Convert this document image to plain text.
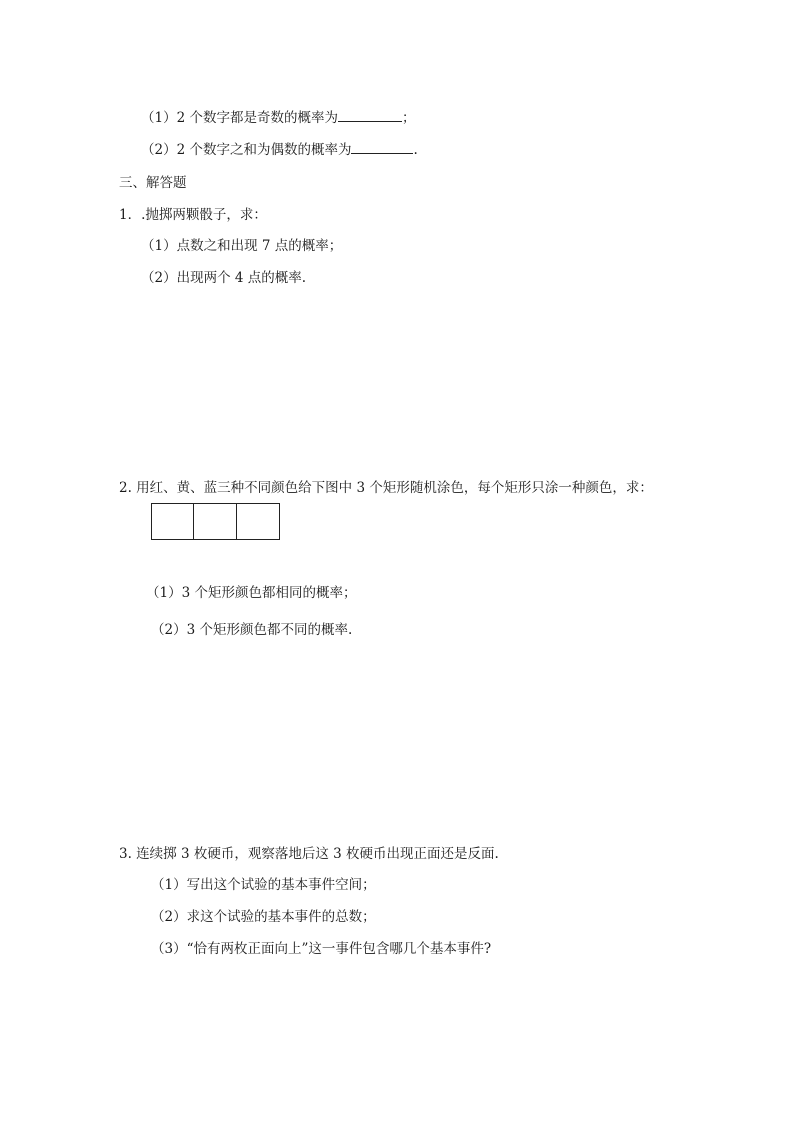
（1）2 个数字都是奇数的概率为	；
（2）2 个数字之和为偶数的概率为	.
三、解答题
1．.抛掷两颗骰子，求：
（1）点数之和出现 7 点的概率；
（2）出现两个 4 点的概率.
2. 用红、黄、蓝三种不同颜色给下图中 3 个矩形随机涂色，每个矩形只涂一种颜色，求：
（1）3 个矩形颜色都相同的概率；
（2）3 个矩形颜色都不同的概率.
3. 连续掷 3 枚硬币，观察落地后这 3 枚硬币出现正面还是反面.
（1）写出这个试验的基本事件空间；
（2）求这个试验的基本事件的总数；
（3）“恰有两枚正面向上”这一事件包含哪几个基本事件?
